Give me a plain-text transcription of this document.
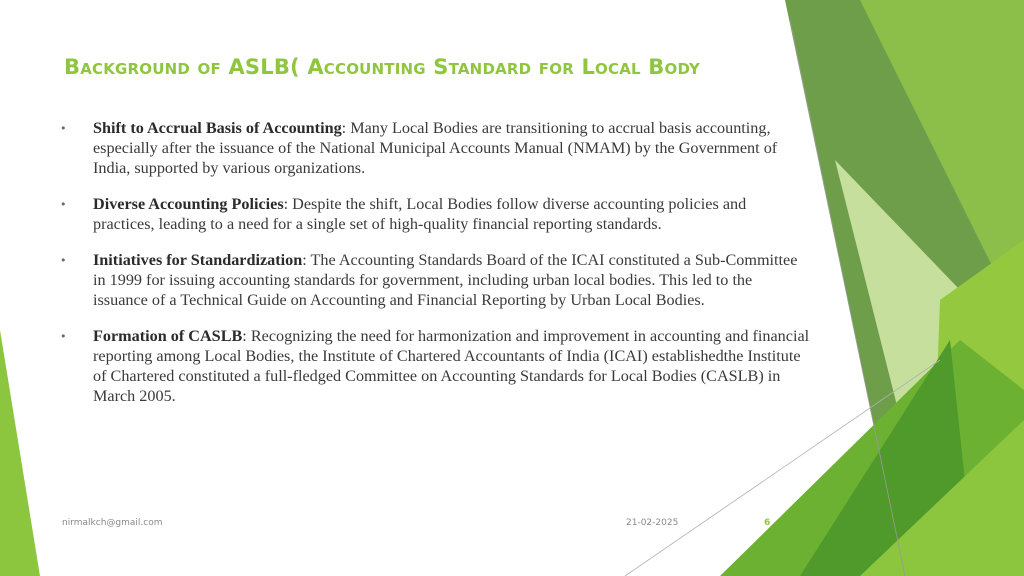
Background of ASLB( Accounting Standard for Local Body
• Shift to Accrual Basis of Accounting: Many Local Bodies are transitioning to accrual basis accounting, especially after the issuance of the National Municipal Accounts Manual (NMAM) by the Government of India, supported by various organizations.
• Diverse Accounting Policies: Despite the shift, Local Bodies follow diverse accounting policies and practices, leading to a need for a single set of high-quality financial reporting standards.
• Initiatives for Standardization: The Accounting Standards Board of the ICAI constituted a Sub-Committee in 1999 for issuing accounting standards for government, including urban local bodies. This led to the issuance of a Technical Guide on Accounting and Financial Reporting by Urban Local Bodies.
• Formation of CASLB: Recognizing the need for harmonization and improvement in accounting and financial reporting among Local Bodies, the Institute of Chartered Accountants of India (ICAI) establishedthe Institute of Chartered constituted a full-fledged Committee on Accounting Standards for Local Bodies (CASLB) in March 2005.
nirmalkch@gmail.com	21-02-2025	6
